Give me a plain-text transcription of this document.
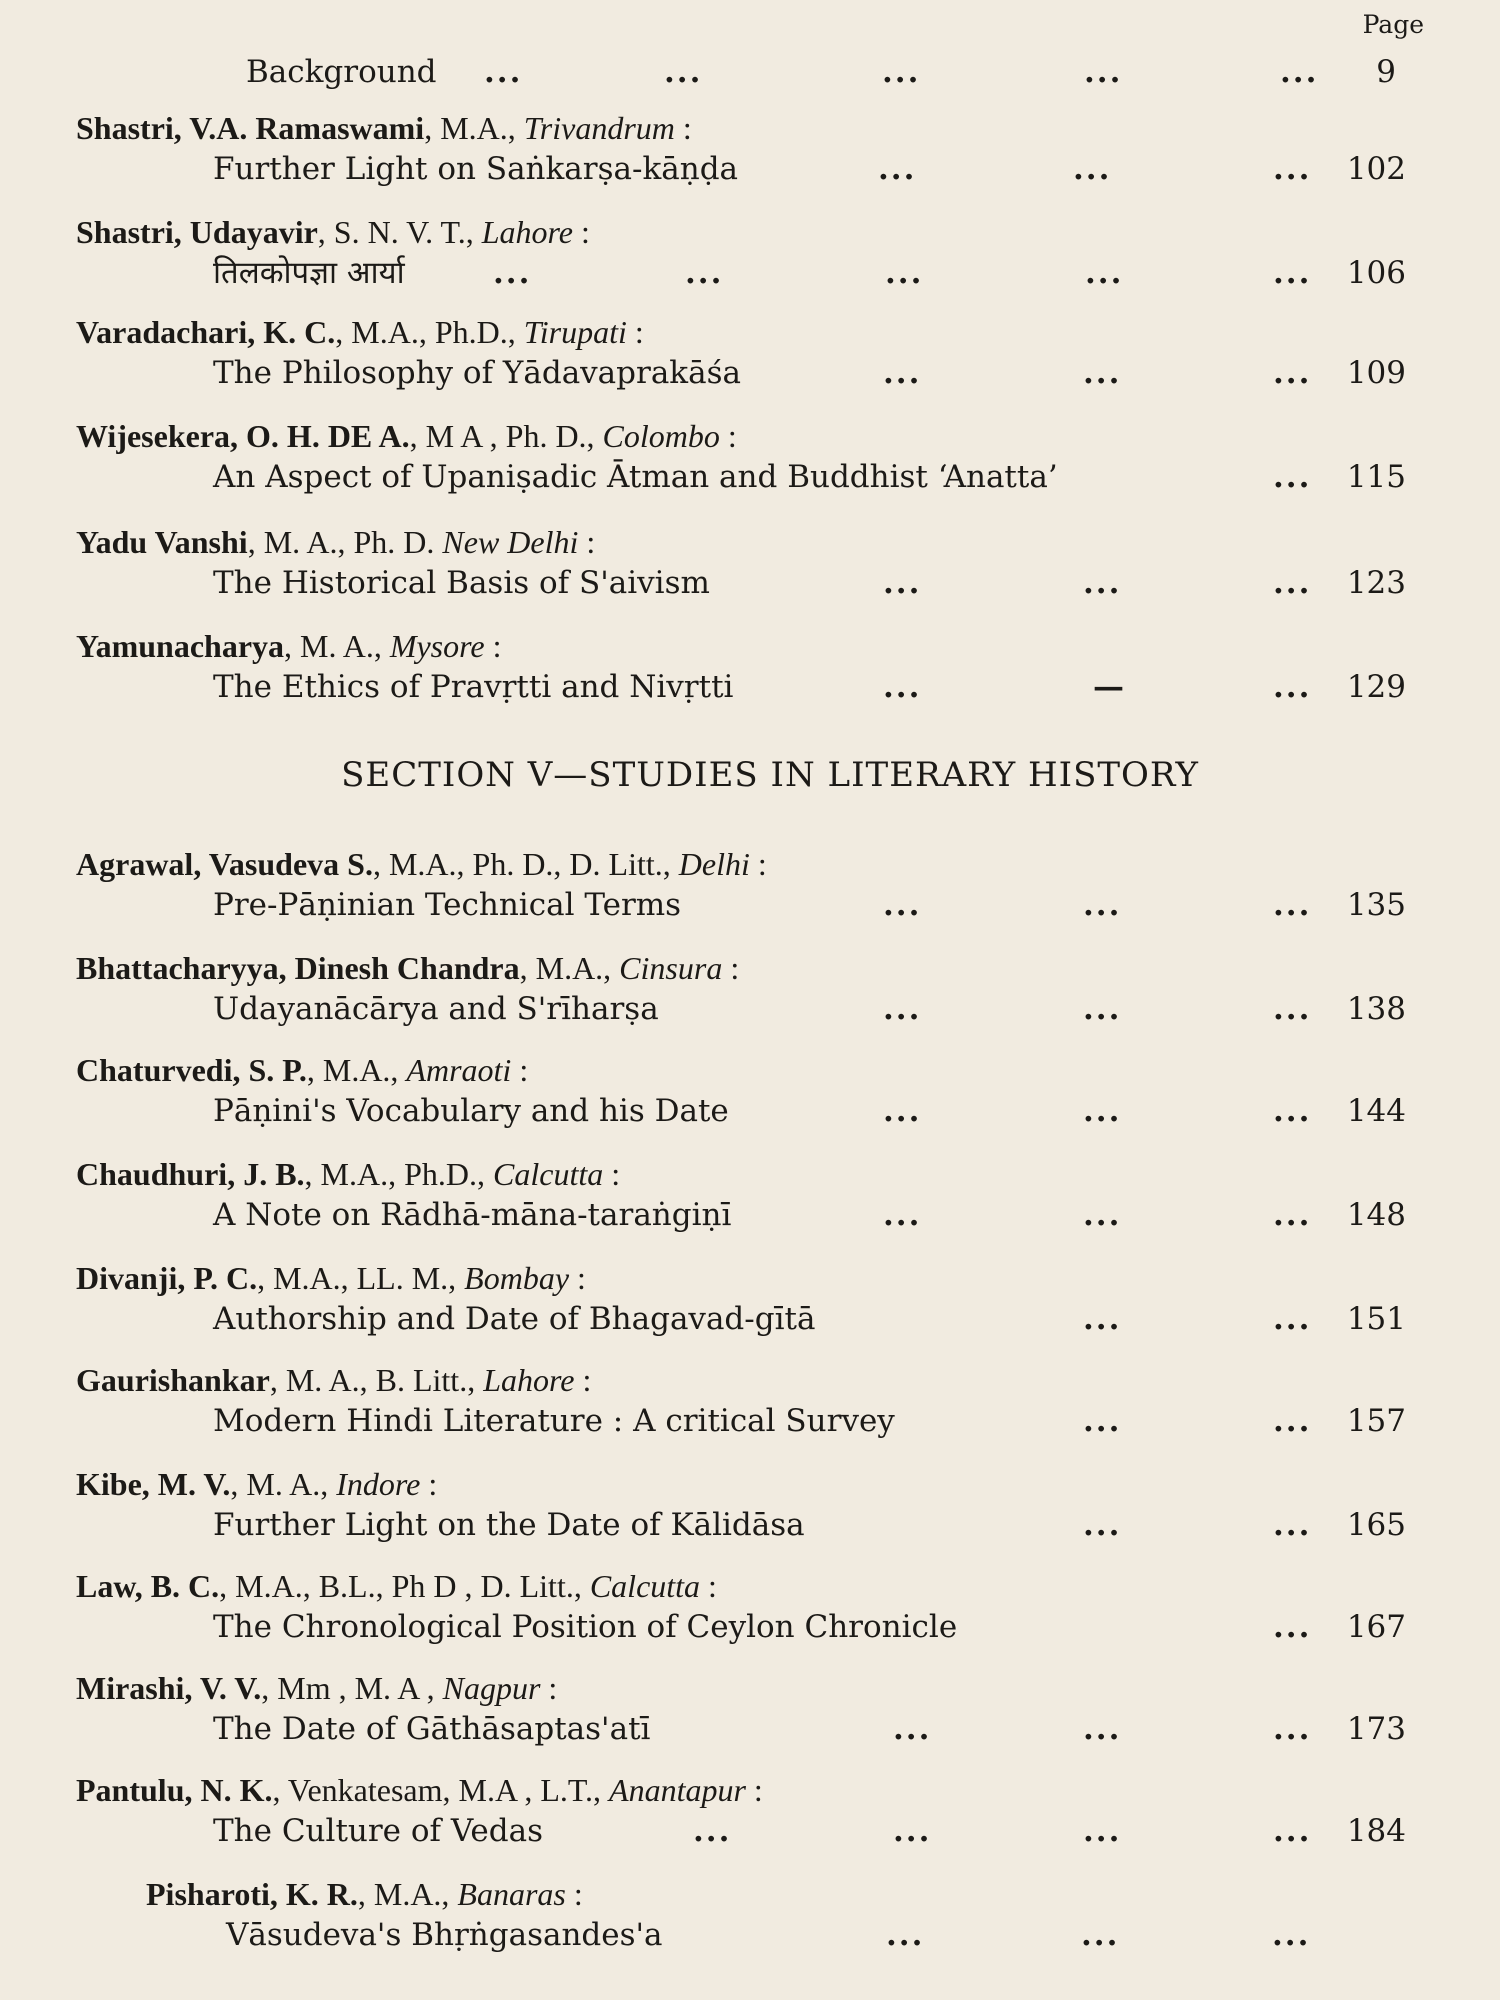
Page
Background ...	...	...	...	... 9
Shastri, V.A. Ramaswami, M.A., Trivandrum :
Further Light on Saṅkarṣa-kāṇḍa	...	...	... 102
Shastri, Udayavir, S. N. V. T., Lahore :
तिलकोपज्ञा आर्या	...	...	...	...	... 106
Varadachari, K. C., M.A., Ph.D., Tirupati :
The Philosophy of Yādavaprakāśa	...	...	... 109
Wijesekera, O. H. DE A., M A , Ph. D., Colombo :
An Aspect of Upaniṣadic Ātman and Buddhist ‘Anatta’	... 115
Yadu Vanshi, M. A., Ph. D. New Delhi :
The Historical Basis of S'aivism	...	...	... 123
Yamunacharya, M. A., Mysore :
The Ethics of Pravṛtti and Nivṛtti	...	—	... 129
SECTION V—STUDIES IN LITERARY HISTORY
Agrawal, Vasudeva S., M.A., Ph. D., D. Litt., Delhi :
Pre-Pāṇinian Technical Terms	...	...	... 135
Bhattacharyya, Dinesh Chandra, M.A., Cinsura :
Udayanācārya and S'rīharṣa	...	...	... 138
Chaturvedi, S. P., M.A., Amraoti :
Pāṇini's Vocabulary and his Date	...	...	... 144
Chaudhuri, J. B., M.A., Ph.D., Calcutta :
A Note on Rādhā-māna-taraṅgiṇī	...	...	... 148
Divanji, P. C., M.A., LL. M., Bombay :
Authorship and Date of Bhagavad-gītā	...	... 151
Gaurishankar, M. A., B. Litt., Lahore :
Modern Hindi Literature : A critical Survey	...	... 157
Kibe, M. V., M. A., Indore :
Further Light on the Date of Kālidāsa	...	... 165
Law, B. C., M.A., B.L., Ph D , D. Litt., Calcutta :
The Chronological Position of Ceylon Chronicle	... 167
Mirashi, V. V., Mm , M. A , Nagpur :
The Date of Gāthāsaptas'atī	...	...	... 173
Pantulu, N. K., Venkatesam, M.A , L.T., Anantapur :
The Culture of Vedas	...	...	...	... 184
Pisharoti, K. R., M.A., Banaras :
Vāsudeva's Bhṛṅgasandes'a	...	...	...
